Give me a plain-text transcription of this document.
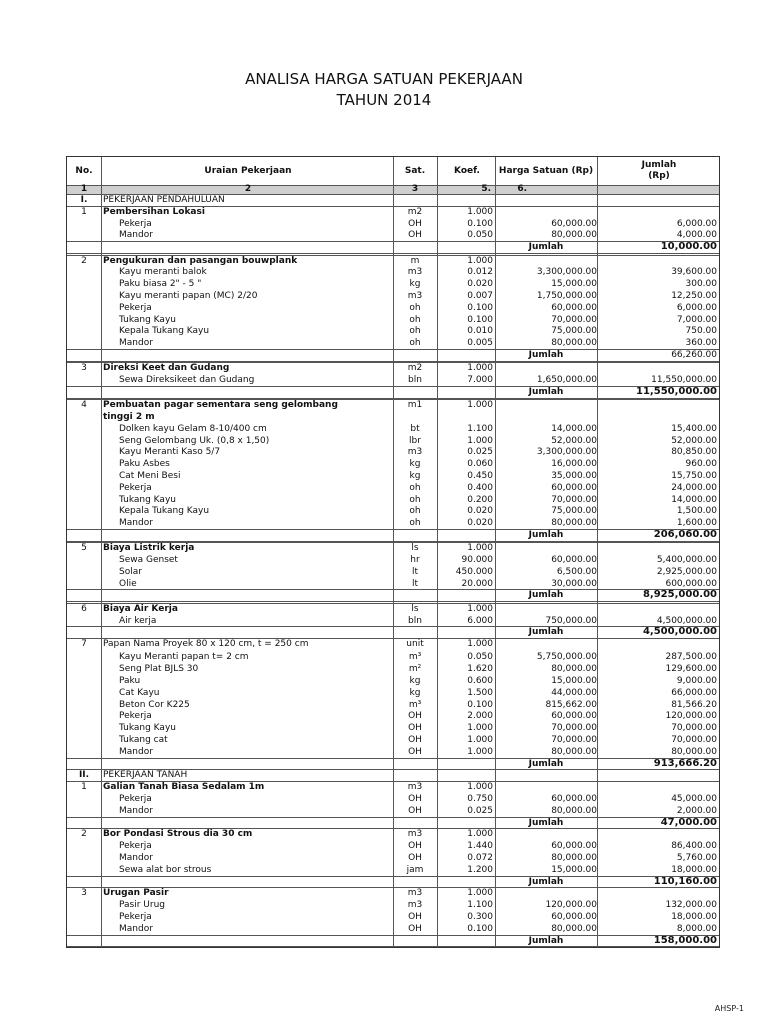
ANALISA HARGA SATUAN PEKERJAAN
TAHUN 2014
No.	Uraian Pekerjaan	Sat.	Koef.	Harga Satuan (Rp)
Jumlah
(Rp)
1	2	3	5.	6.
I.	PEKERJAAN PENDAHULUAN
1	Pembersihan Lokasi	m2	1.000
Pekerja	OH	0.100	60,000.00	6,000.00
Mandor	OH	0.050	80,000.00	4,000.00
Jumlah	10,000.00
2	Pengukuran dan pasangan bouwplank	m	1.000
Kayu meranti balok	m3	0.012	3,300,000.00	39,600.00
Paku biasa 2" - 5 "	kg	0.020	15,000.00	300.00
Kayu meranti papan (MC) 2/20	m3	0.007	1,750,000.00	12,250.00
Pekerja	oh	0.100	60,000.00	6,000.00
Tukang Kayu	oh	0.100	70,000.00	7,000.00
Kepala Tukang Kayu	oh	0.010	75,000.00	750.00
Mandor	oh	0.005	80,000.00	360.00
Jumlah	66,260.00
3	Direksi Keet dan Gudang	m2	1.000
Sewa Direksikeet dan Gudang	bln	7.000	1,650,000.00	11,550,000.00
Jumlah	11,550,000.00
4	Pembuatan pagar sementara seng gelombang	m1	1.000
tinggi 2 m
Dolken kayu Gelam 8-10/400 cm	bt	1.100	14,000.00	15,400.00
Seng Gelombang Uk. (0,8 x 1,50)	lbr	1.000	52,000.00	52,000.00
Kayu Meranti Kaso 5/7	m3	0.025	3,300,000.00	80,850.00
Paku Asbes	kg	0.060	16,000.00	960.00
Cat Meni Besi	kg	0.450	35,000.00	15,750.00
Pekerja	oh	0.400	60,000.00	24,000.00
Tukang Kayu	oh	0.200	70,000.00	14,000.00
Kepala Tukang Kayu	oh	0.020	75,000.00	1,500.00
Mandor	oh	0.020	80,000.00	1,600.00
Jumlah	206,060.00
5	Biaya Listrik kerja	ls	1.000
Sewa Genset	hr	90.000	60,000.00	5,400,000.00
Solar	lt	450.000	6,500.00	2,925,000.00
Olie	lt	20.000	30,000.00	600,000.00
Jumlah	8,925,000.00
6	Biaya Air Kerja	ls	1.000
Air kerja	bln	6.000	750,000.00	4,500,000.00
Jumlah	4,500,000.00
7	Papan Nama Proyek 80 x 120 cm, t = 250 cm	unit	1.000
Kayu Meranti papan t= 2 cm	m³	0.050	5,750,000.00	287,500.00
Seng Plat BJLS 30	m²	1.620	80,000.00	129,600.00
Paku	kg	0.600	15,000.00	9,000.00
Cat Kayu	kg	1.500	44,000.00	66,000.00
Beton Cor K225	m³	0.100	815,662.00	81,566.20
Pekerja	OH	2.000	60,000.00	120,000.00
Tukang Kayu	OH	1.000	70,000.00	70,000.00
Tukang cat	OH	1.000	70,000.00	70,000.00
Mandor	OH	1.000	80,000.00	80,000.00
Jumlah	913,666.20
II.	PEKERJAAN TANAH
1	Galian Tanah Biasa Sedalam 1m	m3	1.000
Pekerja	OH	0.750	60,000.00	45,000.00
Mandor	OH	0.025	80,000.00	2,000.00
Jumlah	47,000.00
2	Bor Pondasi Strous dia 30 cm	m3	1.000
Pekerja	OH	1.440	60,000.00	86,400.00
Mandor	OH	0.072	80,000.00	5,760.00
Sewa alat bor strous	jam	1.200	15,000.00	18,000.00
Jumlah	110,160.00
3	Urugan Pasir	m3	1.000
Pasir Urug	m3	1.100	120,000.00	132,000.00
Pekerja	OH	0.300	60,000.00	18,000.00
Mandor	OH	0.100	80,000.00	8,000.00
Jumlah	158,000.00
AHSP-1
